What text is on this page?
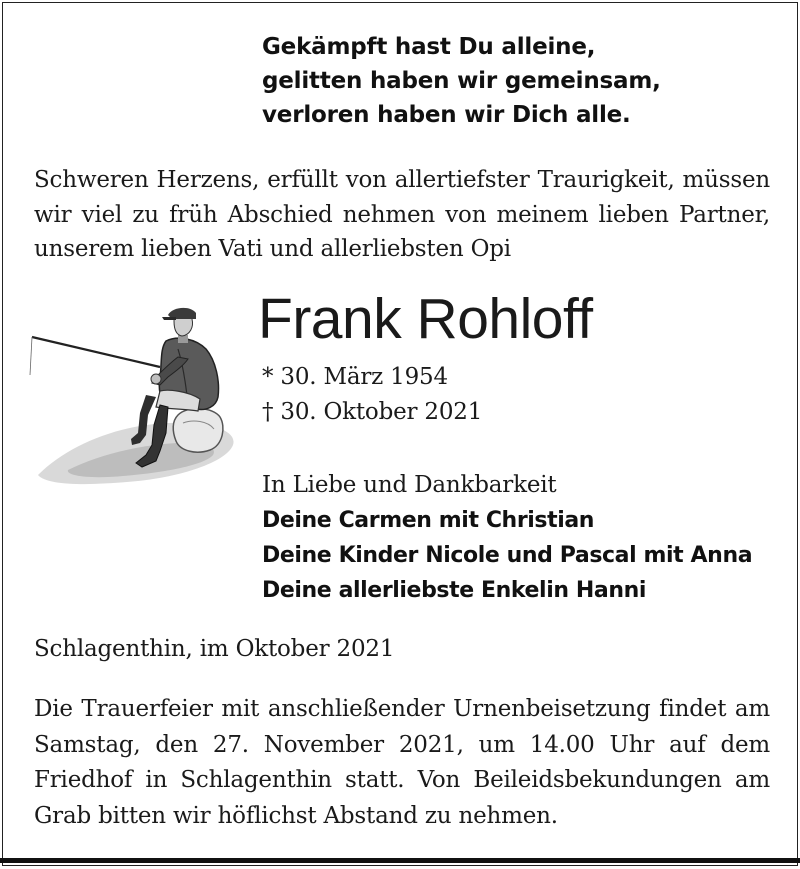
Gekämpft hast Du alleine,
gelitten haben wir gemeinsam,
verloren haben wir Dich alle.
Schweren Herzens, erfüllt von allertiefster Traurigkeit, müssen
wir viel zu früh Abschied nehmen von meinem lieben Partner,
unserem lieben Vati und allerliebsten Opi
Frank Rohloff
* 30. März 1954
† 30. Oktober 2021
In Liebe und Dankbarkeit
Deine Carmen mit Christian
Deine Kinder Nicole und Pascal mit Anna
Deine allerliebste Enkelin Hanni
Schlagenthin, im Oktober 2021
Die Trauerfeier mit anschließender Urnenbeisetzung findet am
Samstag, den 27. November 2021, um 14.00 Uhr auf dem
Friedhof in Schlagenthin statt. Von Beileidsbekundungen am
Grab bitten wir höflichst Abstand zu nehmen.
